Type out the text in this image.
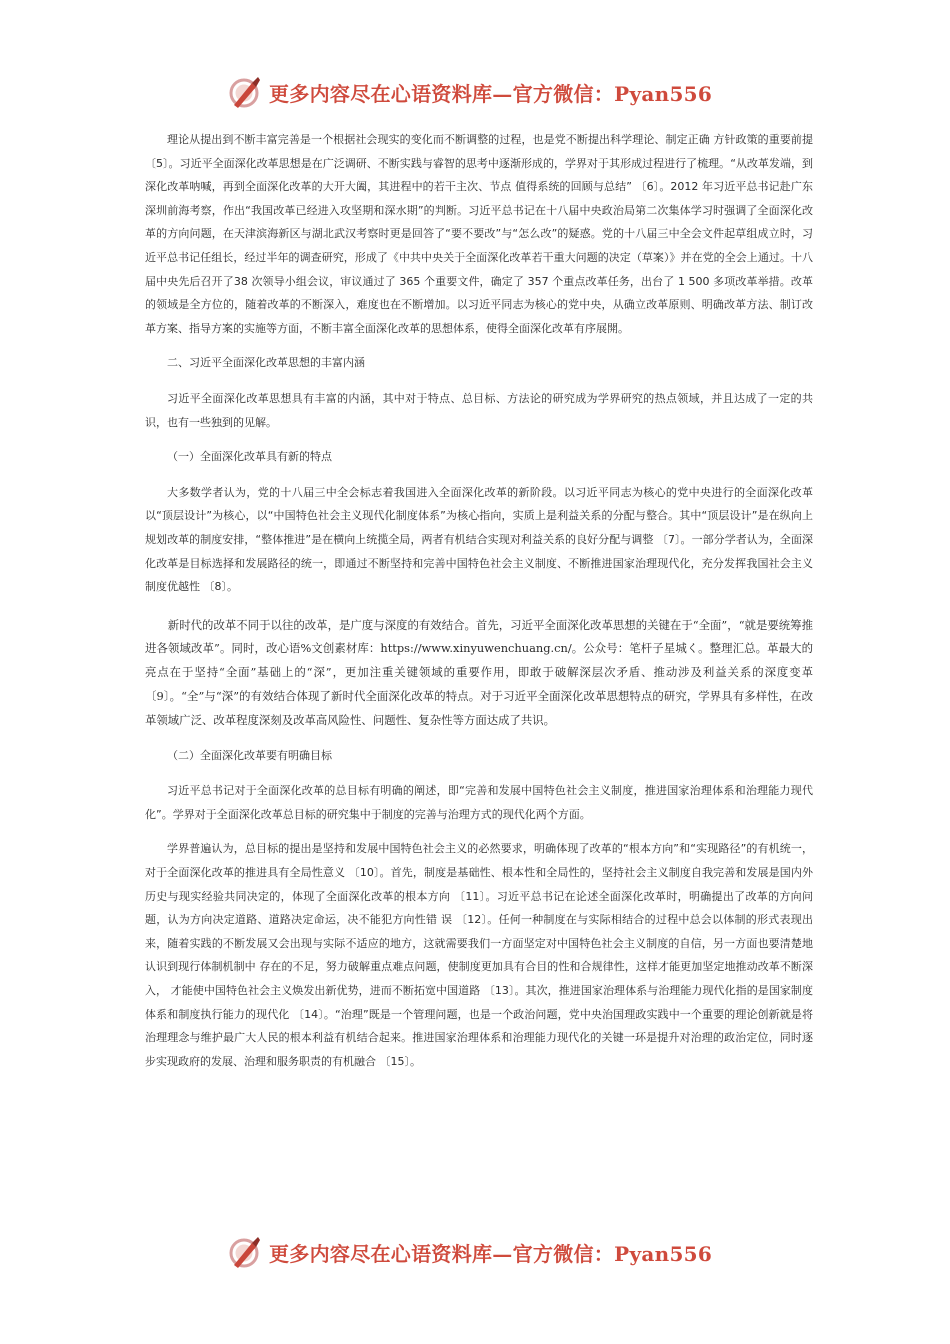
更多内容尽在心语资料库—官方微信：Pyan556

理论从提出到不断丰富完善是一个根据社会现实的变化而不断调整的过程，也是党不断提出科学理论、制定正确 方针政策的重要前提 〔5〕。习近平全面深化改革思想是在广泛调研、不断实践与睿智的思考中逐渐形成的，学界对于其形成过程进行了梳理。“从改革发端，到深化改革呐喊，再到全面深化改革的大开大阖，其进程中的若干主次、节点 值得系统的回顾与总结” 〔6〕。2012 年习近平总书记赴广东深圳前海考察，作出“我国改革已经进入攻坚期和深水期”的判断。习近平总书记在十八届中央政治局第二次集体学习时强调了全面深化改革的方向问题，在天津滨海新区与湖北武汉考察时更是回答了“要不要改”与“怎么改”的疑惑。党的十八届三中全会文件起草组成立时，习近平总书记任组长，经过半年的调查研究，形成了《中共中央关于全面深化改革若干重大问题的决定（草案）》并在党的全会上通过。十八届中央先后召开了38 次领导小组会议，审议通过了 365 个重要文件，确定了 357 个重点改革任务，出台了 1 500 多项改革举措。改革的领域是全方位的，随着改革的不断深入，难度也在不断增加。以习近平同志为核心的党中央，从确立改革原则、明确改革方法、制订改革方案、指导方案的实施等方面，不断丰富全面深化改革的思想体系，使得全面深化改革有序展開。

二、习近平全面深化改革思想的丰富内涵

习近平全面深化改革思想具有丰富的内涵，其中对于特点、总目标、方法论的研究成为学界研究的热点领域，并且达成了一定的共识，也有一些独到的见解。

（一）全面深化改革具有新的特点

大多数学者认为，党的十八届三中全会标志着我国进入全面深化改革的新阶段。以习近平同志为核心的党中央进行的全面深化改革以“顶层设计”为核心，以“中国特色社会主义现代化制度体系”为核心指向，实质上是利益关系的分配与整合。其中“顶层设计”是在纵向上规划改革的制度安排，“整体推进”是在横向上统揽全局，两者有机结合实现对利益关系的良好分配与调整 〔7〕。一部分学者认为，全面深化改革是目标选择和发展路径的统一，即通过不断坚持和完善中国特色社会主义制度、不断推进国家治理现代化，充分发挥我国社会主义制度优越性 〔8〕。

新时代的改革不同于以往的改革，是广度与深度的有效结合。首先，习近平全面深化改革思想的关键在于“全面”，“就是要统筹推进各领域改革”。同时，改心语%文创素材库：https://www.xinyuwenchuang.cn/。公众号：笔杆子星城く。整理汇总。革最大的亮点在于坚持“全面”基础上的“深”，更加注重关键领域的重要作用，即敢于破解深层次矛盾、推动涉及利益关系的深度变革 〔9〕。“全”与“深”的有效结合体现了新时代全面深化改革的特点。对于习近平全面深化改革思想特点的研究，学界具有多样性，在改革领域广泛、改革程度深刻及改革高风险性、问题性、复杂性等方面达成了共识。

（二）全面深化改革要有明确目标

习近平总书记对于全面深化改革的总目标有明确的阐述，即“完善和发展中国特色社会主义制度，推进国家治理体系和治理能力现代化”。学界对于全面深化改革总目标的研究集中于制度的完善与治理方式的现代化两个方面。

学界普遍认为，总目标的提出是坚持和发展中国特色社会主义的必然要求，明确体现了改革的“根本方向”和“实现路径”的有机统一，对于全面深化改革的推进具有全局性意义 〔10〕。首先，制度是基础性、根本性和全局性的，坚持社会主义制度自我完善和发展是国内外历史与现实经验共同决定的，体现了全面深化改革的根本方向 〔11〕。习近平总书记在论述全面深化改革时，明确提出了改革的方向问题，认为方向决定道路、道路决定命运，决不能犯方向性错 误 〔12〕。任何一种制度在与实际相结合的过程中总会以体制的形式表现出来，随着实践的不断发展又会出现与实际不适应的地方，这就需要我们一方面坚定对中国特色社会主义制度的自信，另一方面也要清楚地认识到现行体制机制中 存在的不足，努力破解重点难点问题，使制度更加具有合目的性和合规律性，这样才能更加坚定地推动改革不断深入， 才能使中国特色社会主义焕发出新优势，进而不断拓宽中国道路 〔13〕。其次，推进国家治理体系与治理能力现代化指的是国家制度体系和制度执行能力的现代化 〔14〕。“治理”既是一个管理问题，也是一个政治问题，党中央治国理政实践中一个重要的理论创新就是将治理理念与维护最广大人民的根本利益有机结合起来。推进国家治理体系和治理能力现代化的关键一环是提升对治理的政治定位，同时逐步实现政府的发展、治理和服务职责的有机融合 〔15〕。

更多内容尽在心语资料库—官方微信：Pyan556
